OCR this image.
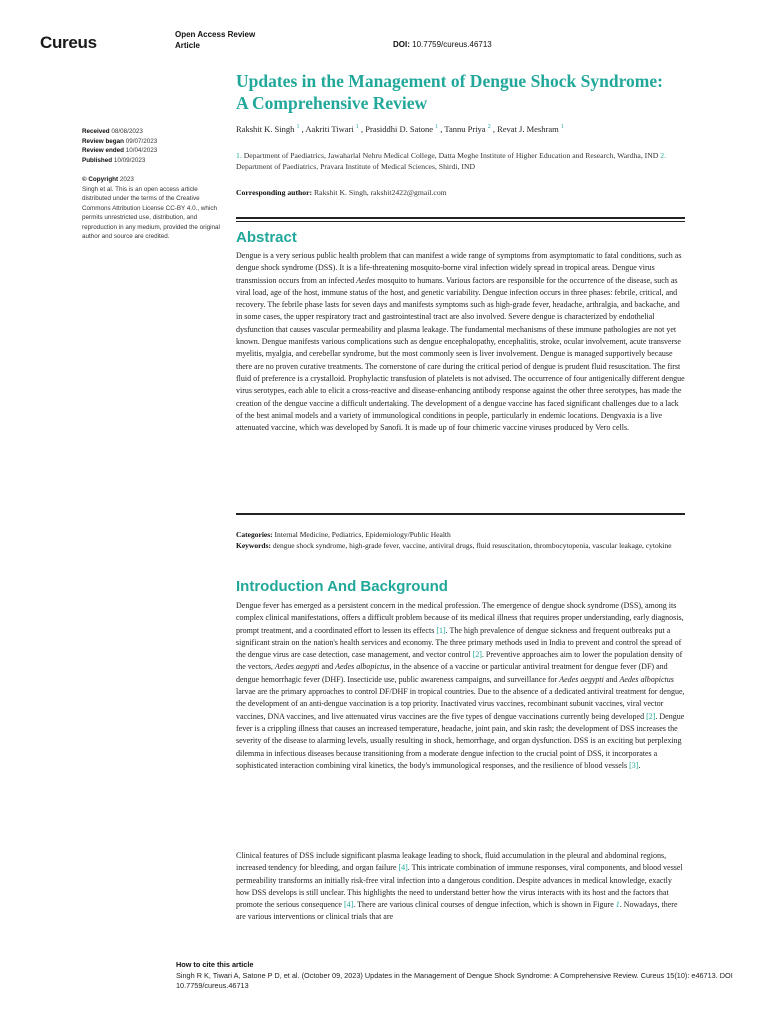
Cureus	Open Access Review
Article	DOI: 10.7759/cureus.46713
Updates in the Management of Dengue Shock Syndrome: A Comprehensive Review
Rakshit K. Singh $^1$ , Aakriti Tiwari $^1$ , Prasiddhi D. Satone $^1$ , Tannu Priya $^2$ , Revat J. Meshram $^1$
1. Department of Paediatrics, Jawaharlal Nehru Medical College, Datta Meghe Institute of Higher Education and Research, Wardha, IND 2. Department of Paediatrics, Pravara Institute of Medical Sciences, Shirdi, IND
Corresponding author: Rakshit K. Singh, rakshit2422@gmail.com
Received 08/08/2023
Review began 09/07/2023
Review ended 10/04/2023
Published 10/09/2023
© Copyright 2023
Singh et al. This is an open access article distributed under the terms of the Creative Commons Attribution License CC-BY 4.0., which permits unrestricted use, distribution, and reproduction in any medium, provided the original author and source are credited.	Abstract

Dengue is a very serious public health problem that can manifest a wide range of symptoms from asymptomatic to fatal conditions, such as dengue shock syndrome (DSS). It is a life-threatening mosquito-borne viral infection widely spread in tropical areas. Dengue virus transmission occurs from an infected Aedes mosquito to humans. Various factors are responsible for the occurrence of the disease, such as viral load, age of the host, immune status of the host, and genetic variability. Dengue infection occurs in three phases: febrile, critical, and recovery. The febrile phase lasts for seven days and manifests symptoms such as high-grade fever, headache, arthralgia, and backache, and in some cases, the upper respiratory tract and gastrointestinal tract are also involved. Severe dengue is characterized by endothelial dysfunction that causes vascular permeability and plasma leakage. The fundamental mechanisms of these immune pathologies are not yet known. Dengue manifests various complications such as dengue encephalopathy, encephalitis, stroke, ocular involvement, acute transverse myelitis, myalgia, and cerebellar syndrome, but the most commonly seen is liver involvement. Dengue is managed supportively because there are no proven curative treatments. The cornerstone of care during the critical period of dengue is prudent fluid resuscitation. The first fluid of preference is a crystalloid. Prophylactic transfusion of platelets is not advised. The occurrence of four antigenically different dengue virus serotypes, each able to elicit a cross-reactive and disease-enhancing antibody response against the other three serotypes, has made the creation of the dengue vaccine a difficult undertaking. The development of a dengue vaccine has faced significant challenges due to a lack of the best animal models and a variety of immunological conditions in people, particularly in endemic locations. Dengvaxia is a live attenuated vaccine, which was developed by Sanofi. It is made up of four chimeric vaccine viruses produced by Vero cells.

Categories: Internal Medicine, Pediatrics, Epidemiology/Public Health
Keywords: dengue shock syndrome, high-grade fever, vaccine, antiviral drugs, fluid resuscitation, thrombocytopenia, vascular leakage, cytokine
Introduction And Background

Dengue fever has emerged as a persistent concern in the medical profession. The emergence of dengue shock syndrome (DSS), among its complex clinical manifestations, offers a difficult problem because of its medical illness that requires proper understanding, early diagnosis, prompt treatment, and a coordinated effort to lessen its effects [1]. The high prevalence of dengue sickness and frequent outbreaks put a significant strain on the nation's health services and economy. The three primary methods used in India to prevent and control the spread of the dengue virus are case detection, case management, and vector control [2]. Preventive approaches aim to lower the population density of the vectors, Aedes aegypti and Aedes albopictus, in the absence of a vaccine or particular antiviral treatment for dengue fever (DF) and dengue hemorrhagic fever (DHF). Insecticide use, public awareness campaigns, and surveillance for Aedes aegypti and Aedes albopictus larvae are the primary approaches to control DF/DHF in tropical countries. Due to the absence of a dedicated antiviral treatment for dengue, the development of an anti-dengue vaccination is a top priority. Inactivated virus vaccines, recombinant subunit vaccines, viral vector vaccines, DNA vaccines, and live attenuated virus vaccines are the five types of dengue vaccinations currently being developed [2]. Dengue fever is a crippling illness that causes an increased temperature, headache, joint pain, and skin rash; the development of DSS increases the severity of the disease to alarming levels, usually resulting in shock, hemorrhage, and organ dysfunction. DSS is an exciting but perplexing dilemma in infectious diseases because transitioning from a moderate dengue infection to the crucial point of DSS, it incorporates a sophisticated interaction combining viral kinetics, the body's immunological responses, and the resilience of blood vessels [3].

Clinical features of DSS include significant plasma leakage leading to shock, fluid accumulation in the pleural and abdominal regions, increased tendency for bleeding, and organ failure [4]. This intricate combination of immune responses, viral components, and blood vessel permeability transforms an initially risk-free viral infection into a dangerous condition. Despite advances in medical knowledge, exactly how DSS develops is still unclear. This highlights the need to understand better how the virus interacts with its host and the factors that promote the serious consequence [4]. There are various clinical courses of dengue infection, which is shown in Figure 1. Nowadays, there are various interventions or clinical trials that are

How to cite this article
Singh R K, Tiwari A, Satone P D, et al. (October 09, 2023) Updates in the Management of Dengue Shock Syndrome: A Comprehensive Review. Cureus 15(10): e46713. DOI 10.7759/cureus.46713
